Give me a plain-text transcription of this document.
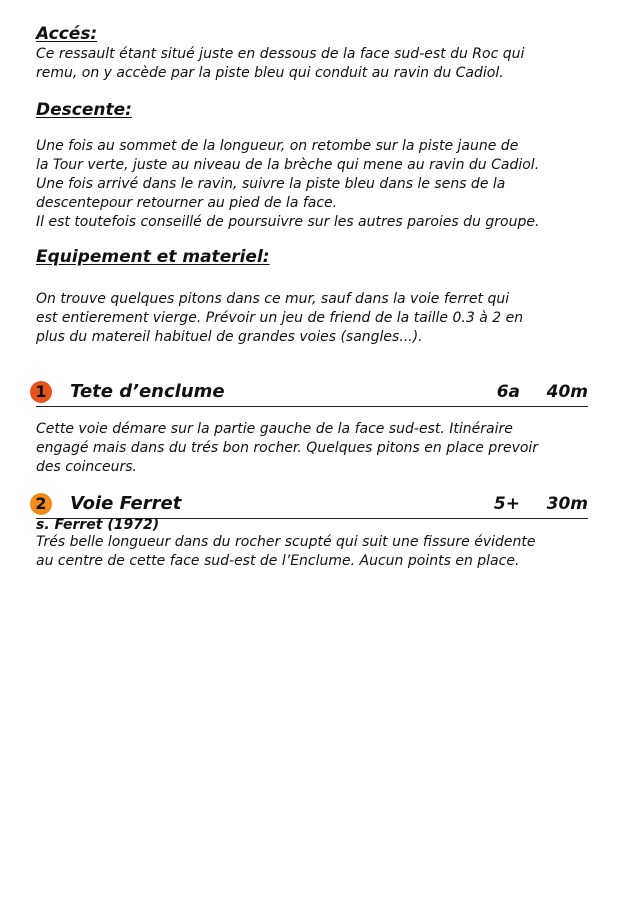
Accés:
Ce ressault étant situé juste en dessous de la face sud-est du Roc qui
remu, on y accède par la piste bleu qui conduit au ravin du Cadiol.
Descente:
Une fois au sommet de la longueur, on retombe sur la piste jaune de
la Tour verte, juste au niveau de la brèche qui mene au ravin du Cadiol.
Une fois arrivé dans le ravin, suivre la piste bleu dans le sens de la
descentepour retourner au pied de la face.
Il est toutefois conseillé de poursuivre sur les autres paroies du groupe.
Equipement et materiel:
On trouve quelques pitons dans ce mur, sauf dans la voie ferret qui
est entierement vierge. Prévoir un jeu de friend de la taille 0.3 à 2 en
plus du matereil habituel de grandes voies (sangles...).
1	Tete d’enclume	6a 40m
Cette voie démare sur la partie gauche de la face sud-est. Itinéraire
engagé mais dans du trés bon rocher. Quelques pitons en place prevoir
des coinceurs.
2	Voie Ferret	5+ 30m
s. Ferret (1972)
Trés belle longueur dans du rocher scupté qui suit une fissure évidente
au centre de cette face sud-est de l’Enclume. Aucun points en place.
